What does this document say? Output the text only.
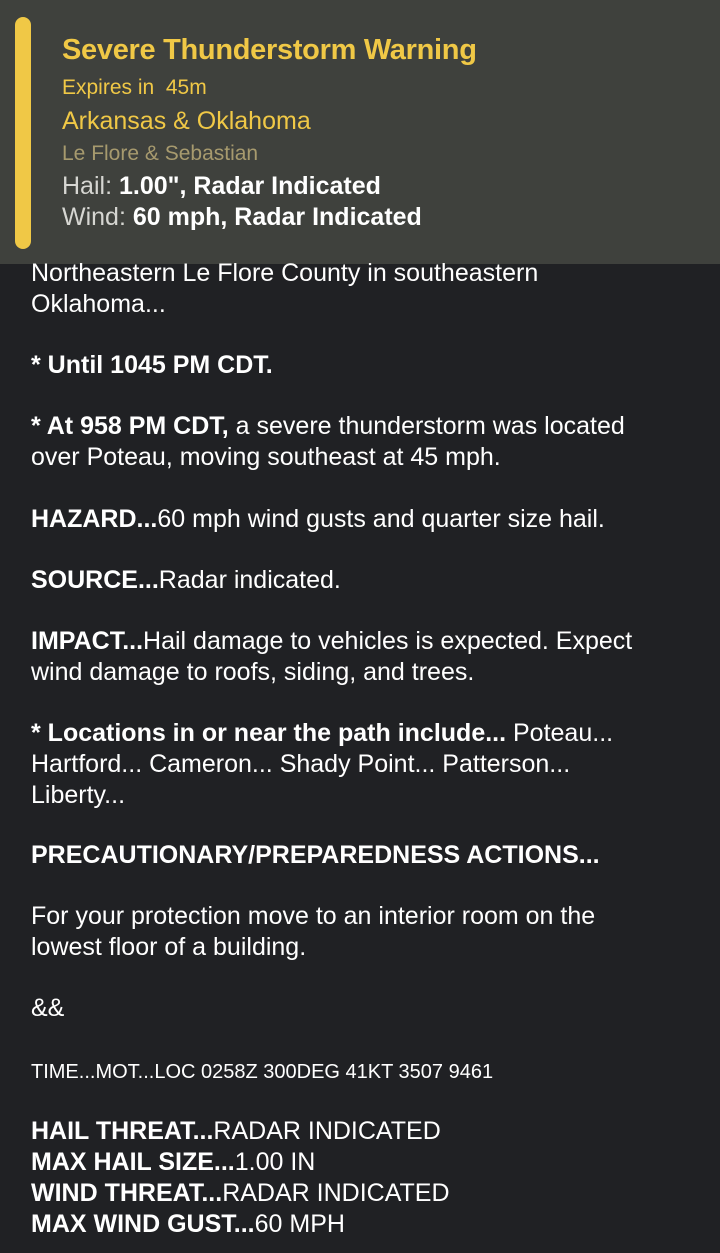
Severe Thunderstorm Warning
Expires in  45m
Arkansas & Oklahoma
Le Flore & Sebastian
Hail: 1.00", Radar Indicated
Wind: 60 mph, Radar Indicated
Northeastern Le Flore County in southeastern
Oklahoma...
* Until 1045 PM CDT.
* At 958 PM CDT, a severe thunderstorm was located
over Poteau, moving southeast at 45 mph.
HAZARD...60 mph wind gusts and quarter size hail.
SOURCE...Radar indicated.
IMPACT...Hail damage to vehicles is expected. Expect
wind damage to roofs, siding, and trees.
* Locations in or near the path include... Poteau...
Hartford... Cameron... Shady Point... Patterson...
Liberty...
PRECAUTIONARY/PREPAREDNESS ACTIONS...
For your protection move to an interior room on the
lowest floor of a building.
&&
TIME...MOT...LOC 0258Z 300DEG 41KT 3507 9461
HAIL THREAT...RADAR INDICATED
MAX HAIL SIZE...1.00 IN
WIND THREAT...RADAR INDICATED
MAX WIND GUST...60 MPH
